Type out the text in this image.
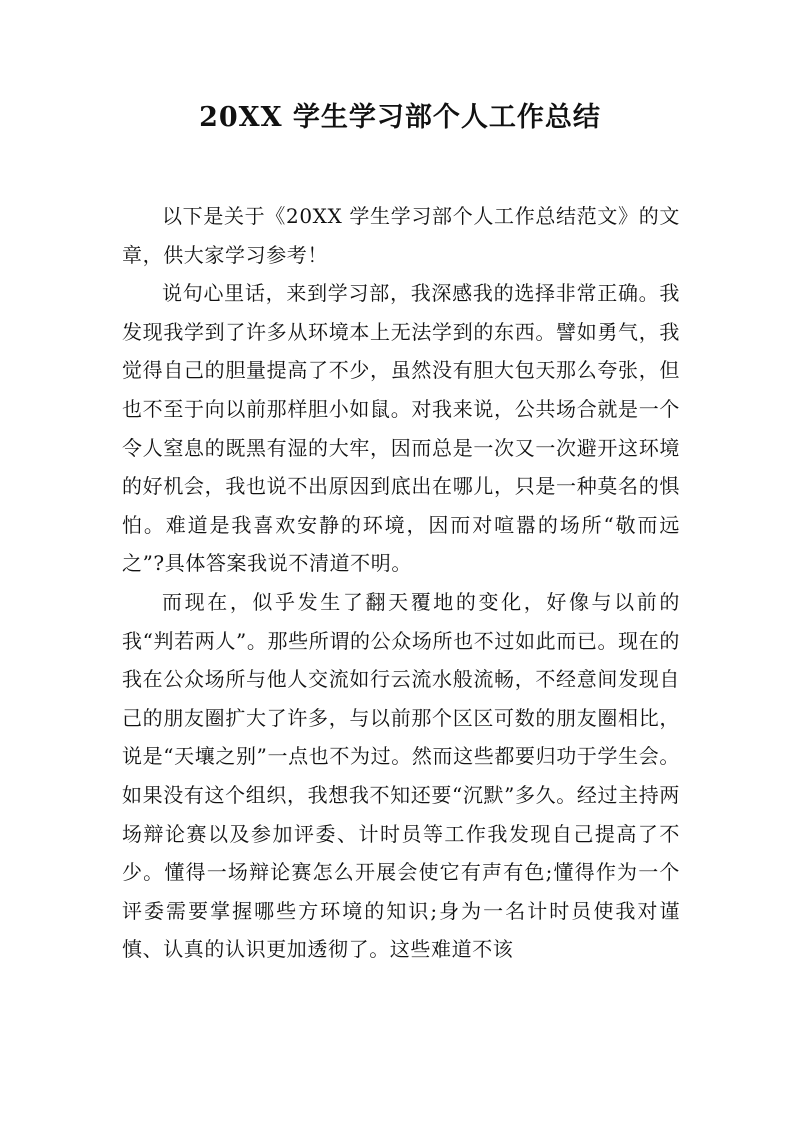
20XX 学生学习部个人工作总结

以下是关于《20XX 学生学习部个人工作总结范文》的文章，供大家学习参考！

说句心里话，来到学习部，我深感我的选择非常正确。我发现我学到了许多从环境本上无法学到的东西。譬如勇气，我觉得自己的胆量提高了不少，虽然没有胆大包天那么夸张，但也不至于向以前那样胆小如鼠。对我来说，公共场合就是一个令人窒息的既黑有湿的大牢，因而总是一次又一次避开这环境的好机会，我也说不出原因到底出在哪儿，只是一种莫名的惧怕。难道是我喜欢安静的环境，因而对喧嚣的场所“敬而远之”?具体答案我说不清道不明。

而现在，似乎发生了翻天覆地的变化，好像与以前的我“判若两人”。那些所谓的公众场所也不过如此而已。现在的我在公众场所与他人交流如行云流水般流畅，不经意间发现自己的朋友圈扩大了许多，与以前那个区区可数的朋友圈相比，说是“天壤之别”一点也不为过。然而这些都要归功于学生会。如果没有这个组织，我想我不知还要“沉默”多久。经过主持两场辩论赛以及参加评委、计时员等工作我发现自己提高了不少。懂得一场辩论赛怎么开展会使它有声有色;懂得作为一个评委需要掌握哪些方环境的知识;身为一名计时员使我对谨慎、认真的认识更加透彻了。这些难道不该
